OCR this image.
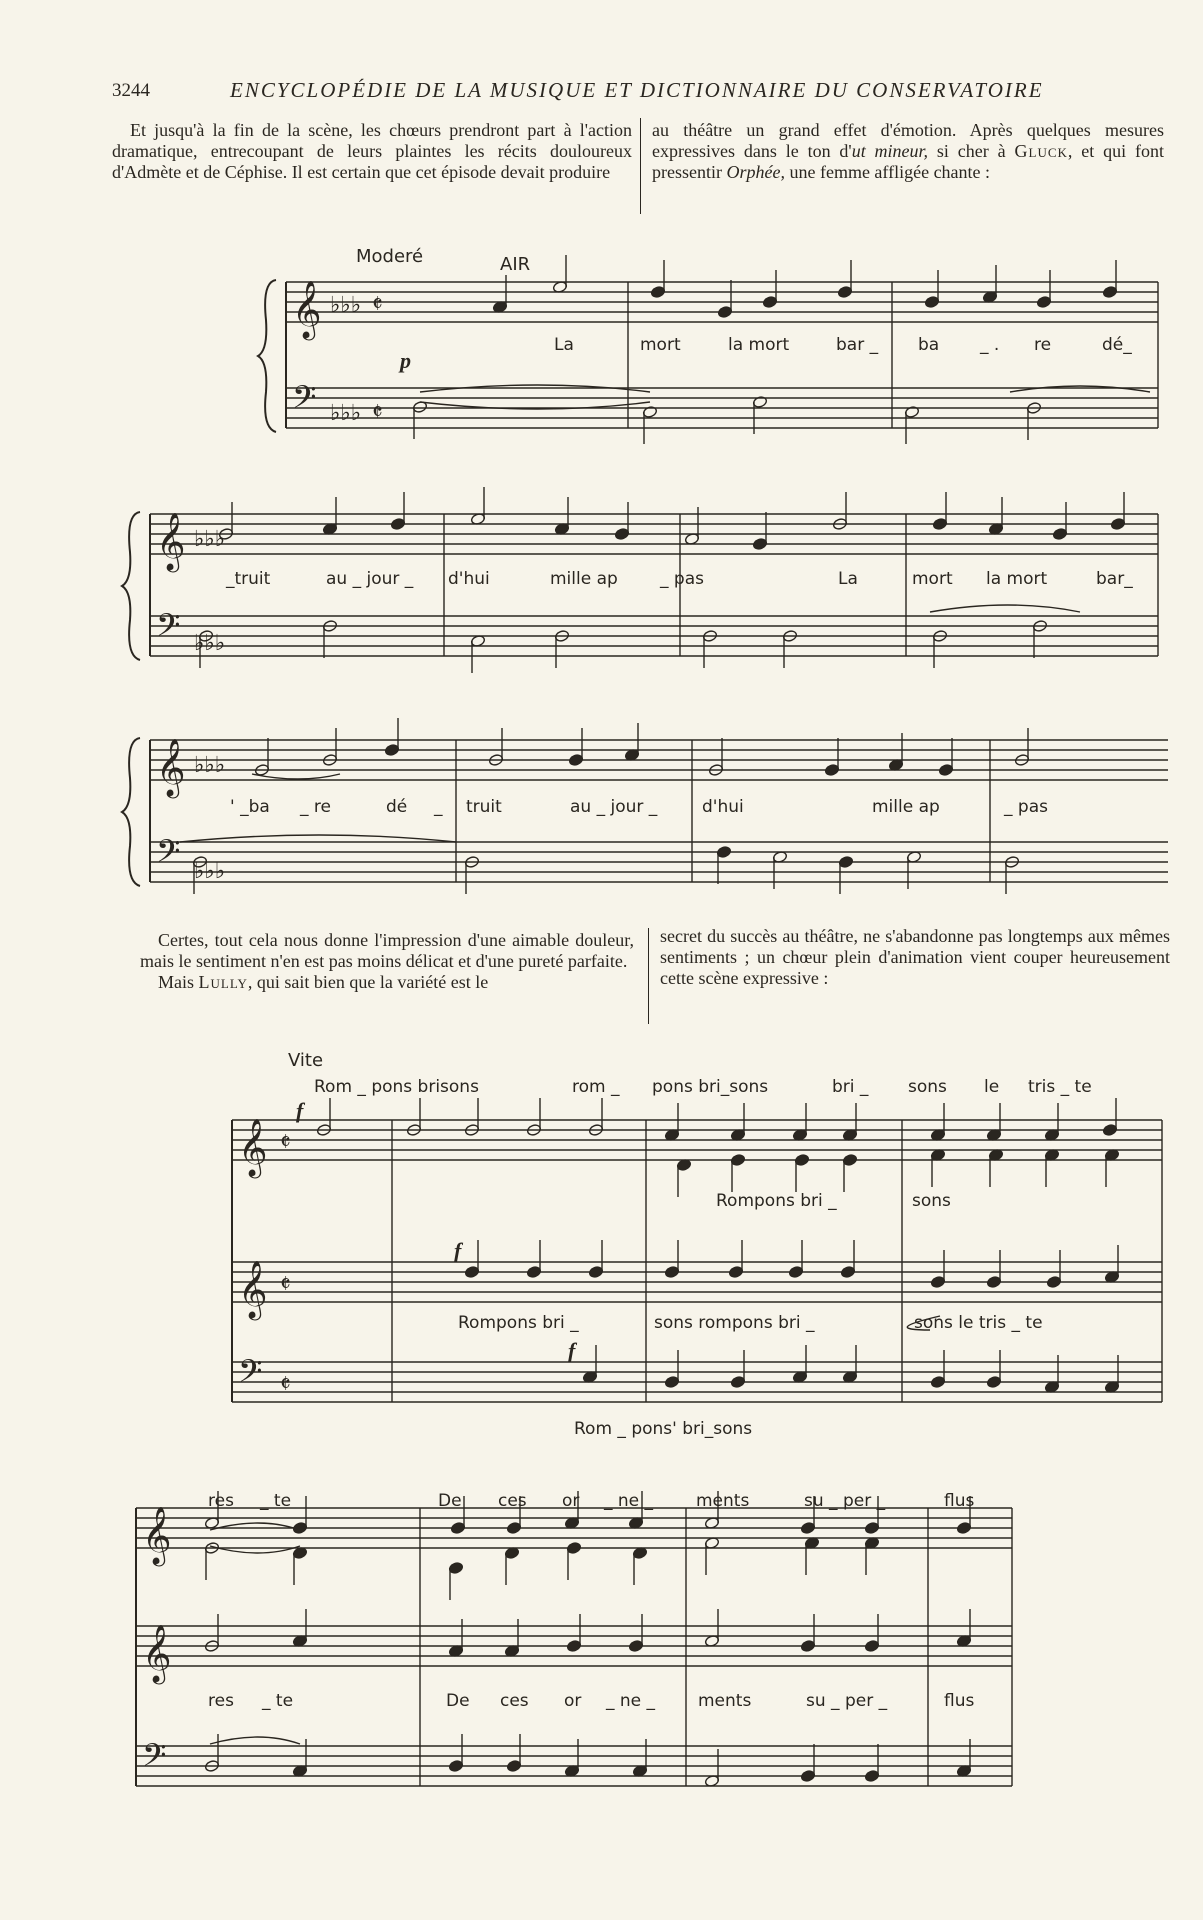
3244	ENCYCLOPÉDIE DE LA MUSIQUE ET DICTIONNAIRE DU CONSERVATOIRE

Et jusqu'à la fin de la scène, les chœurs prendront part à l'action dramatique, entrecoupant de leurs plaintes les récits douloureux d'Admète et de Céphise. Il est certain que cet épisode devait produire

au théâtre un grand effet d'émotion. Après quelques mesures expressives dans le ton d'ut mineur, si cher à Gluck, et qui font pressentir Orphée, une femme affligée chante :

Certes, tout cela nous donne l'impression d'une aimable douleur, mais le sentiment n'en est pas moins délicat et d'une pureté parfaite.

Mais Lully, qui sait bien que la variété est le

secret du succès au théâtre, ne s'abandonne pas longtemps aux mêmes sentiments ; un chœur plein d'animation vient couper heureusement cette scène expressive :

𝄞
𝄢
𝄞
𝄢
𝄞
𝄢
𝄞
𝄞
𝄢
𝄞
𝄞
𝄢
♭♭♭
♭♭♭
♭♭♭
♭♭♭
♭♭♭
♭♭♭
𝄵
𝄵
𝄵
𝄵
𝄵
Moderé	AIR
p
La	mort	la mort	bar _ ba _ . re	dé_
_truit	au _ jour _ d'hui	mille ap _ pas	La	mort la mort	bar_
' _ba _ re	dé _ truit	au _ jour _	d'hui	mille ap	_ pas
Vite
Rom _ pons brisons	rom _ pons bri_sons	bri _ sons le tris _ te
f
f
f
Rompons bri _	sons
Rompons bri _	sons rompons bri _	sons le tris _ te
Rom _ pons' bri_sons
res _ te	De ces or _ ne _	ments	su _ per _	flus
res _ te	De ces or _ ne _	ments	su _ per _	flus
